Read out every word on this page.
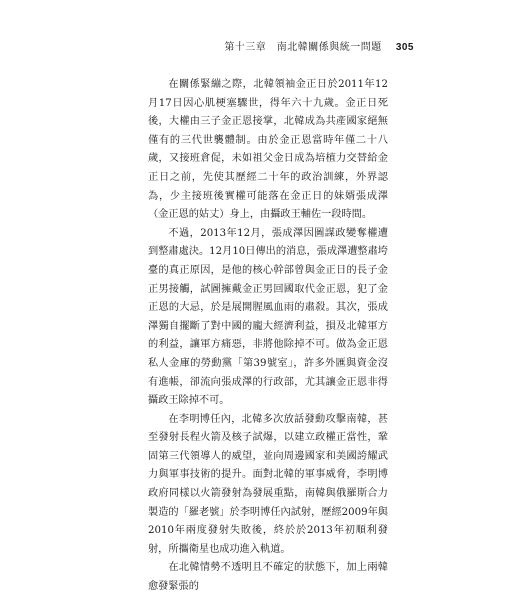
第十三章　南北韓關係與統一問題 305

在關係緊繃之際，北韓領袖金正日於2011年12月17日因心肌梗塞驟世，得年六十九歲。金正日死後，大權由三子金正恩接掌，北韓成為共產國家絕無僅有的三代世襲體制。由於金正恩當時年僅二十八歲，又接班倉促，未如祖父金日成為培植力交替給金正日之前，先使其歷經二十年的政治訓練，外界認為，少主接班後實權可能落在金正日的妹婿張成澤（金正恩的姑丈）身上，由攝政王輔佐一段時間。

不過，2013年12月，張成澤因圖謀政變奪權遭到整肅處決。12月10日傳出的消息，張成澤遭整肅垮臺的真正原因，是他的核心幹部曾與金正日的長子金正男接觸，試圖擁戴金正男回國取代金正恩，犯了金正恩的大忌，於是展開腥風血雨的肅殺。其次，張成澤獨自擺斷了對中國的龐大經濟利益，損及北韓軍方的利益，讓軍方痛惡，非將他除掉不可。做為金正恩私人金庫的勞動黨「第39號室」，許多外匯與資金沒有進帳，卻流向張成澤的行政部，尤其讓金正恩非得攝政王除掉不可。

在李明博任內，北韓多次放話發動攻擊南韓，甚至發射長程火箭及核子試爆，以建立政權正當性，鞏固第三代領導人的威望，並向周邊國家和美國誇耀武力與軍事技術的提升。面對北韓的軍事威脅，李明博政府同樣以火箭發射為發展重點，南韓與俄羅斯合力製造的「羅老號」於李明博任內試射，歷經2009年與2010年兩度發射失敗後，終於於2013年初順利發射，所攜衛星也成功進入軌道。

在北韓情勢不透明且不確定的狀態下，加上兩韓愈發緊張的
